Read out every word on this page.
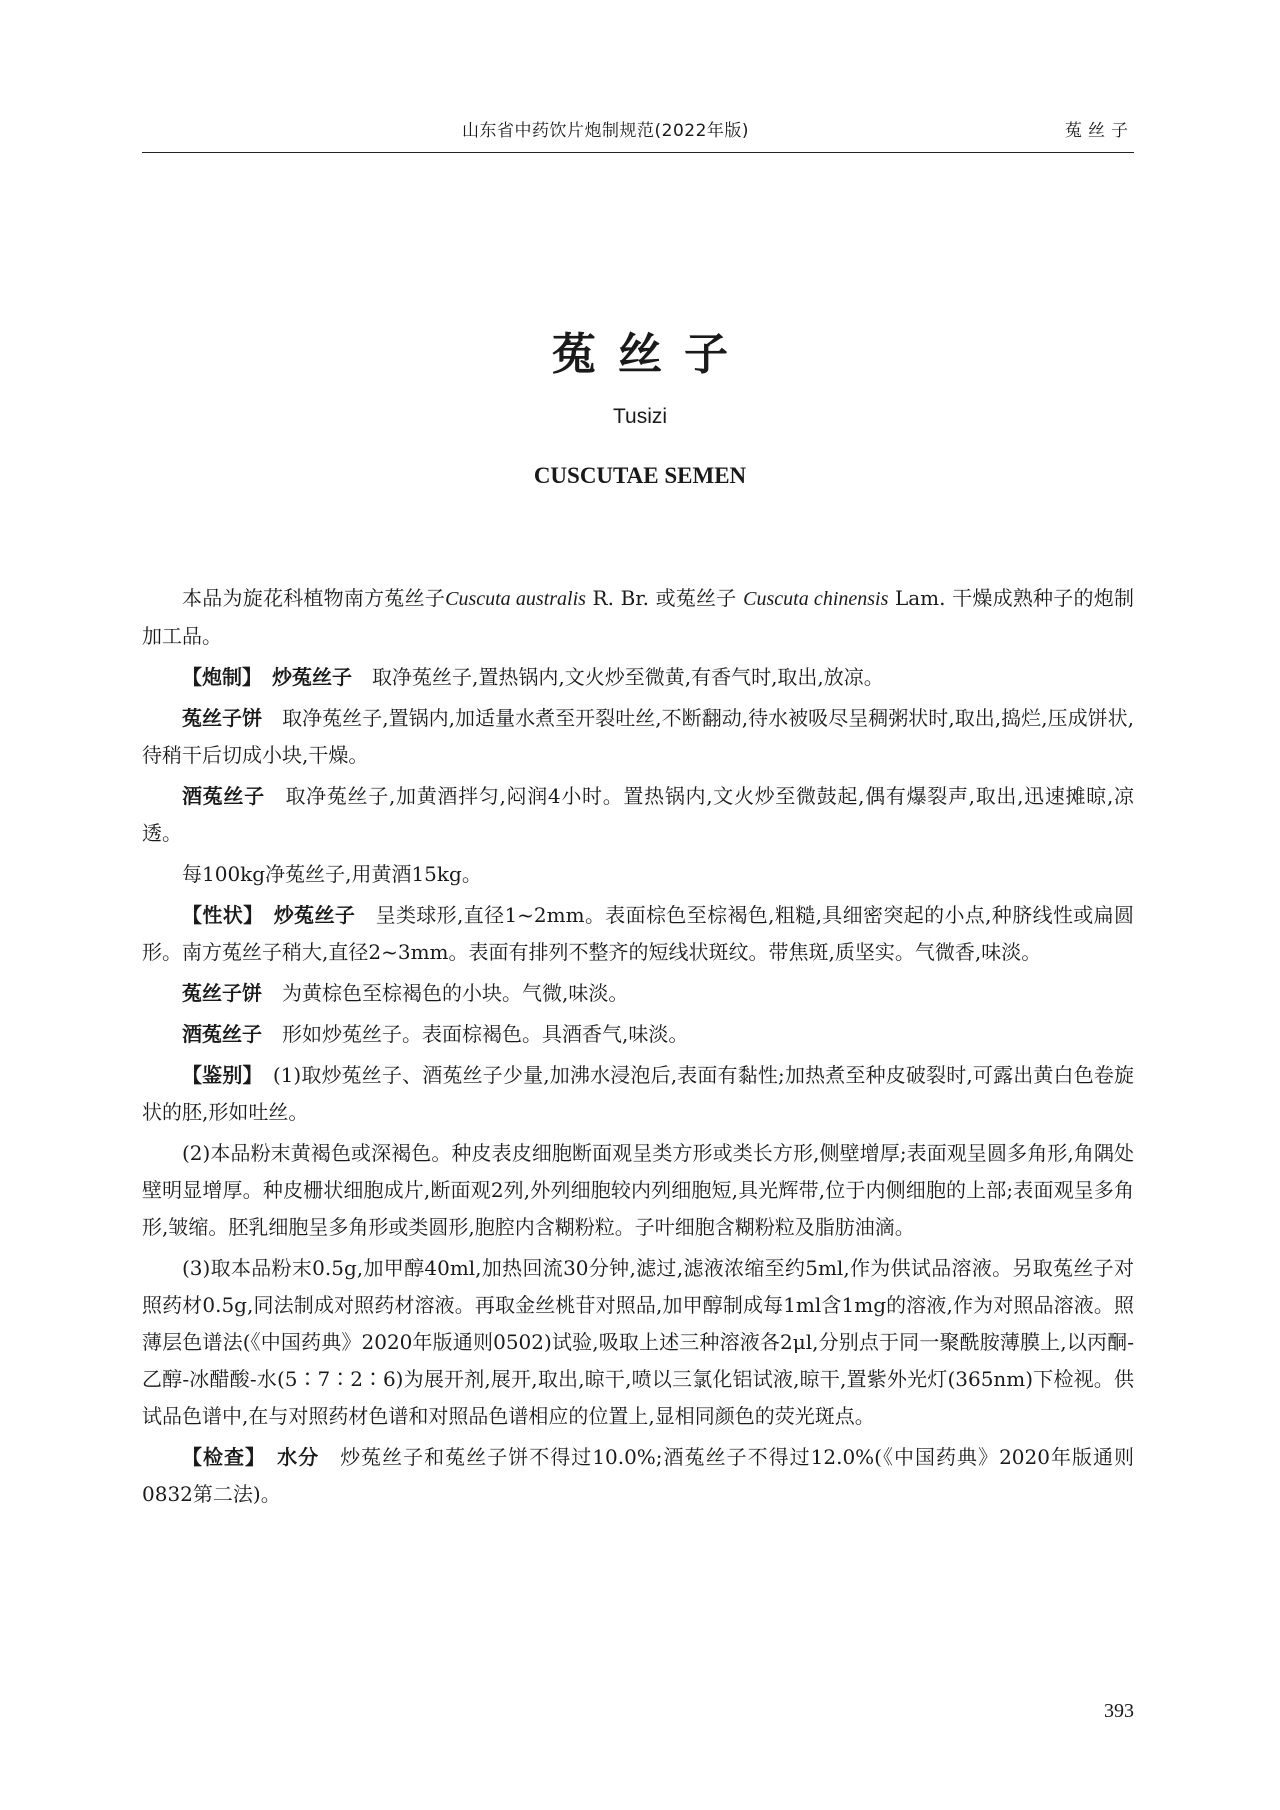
山东省中药饮片炮制规范(2022年版)	菟丝子
菟丝子
Tusizi
CUSCUTAE SEMEN

本品为旋花科植物南方菟丝子Cuscuta australis R. Br. 或菟丝子 Cuscuta chinensis Lam. 干燥成熟种子的炮制加工品。

【炮制】　 炒菟丝子　取净菟丝子,置热锅内,文火炒至微黄,有香气时,取出,放凉。

菟丝子饼　取净菟丝子,置锅内,加适量水煮至开裂吐丝,不断翻动,待水被吸尽呈稠粥状时,取出,捣烂,压成饼状,待稍干后切成小块,干燥。

酒菟丝子　取净菟丝子,加黄酒拌匀,闷润4小时。置热锅内,文火炒至微鼓起,偶有爆裂声,取出,迅速摊晾,凉透。

每100kg净菟丝子,用黄酒15kg。

【性状】　 炒菟丝子　呈类球形,直径1~2mm。表面棕色至棕褐色,粗糙,具细密突起的小点,种脐线性或扁圆形。南方菟丝子稍大,直径2~3mm。表面有排列不整齐的短线状斑纹。带焦斑,质坚实。气微香,味淡。

菟丝子饼　为黄棕色至棕褐色的小块。气微,味淡。

酒菟丝子　形如炒菟丝子。表面棕褐色。具酒香气,味淡。

【鉴别】　 (1)取炒菟丝子、酒菟丝子少量,加沸水浸泡后,表面有黏性;加热煮至种皮破裂时,可露出黄白色卷旋状的胚,形如吐丝。

(2)本品粉末黄褐色或深褐色。种皮表皮细胞断面观呈类方形或类长方形,侧壁增厚;表面观呈圆多角形,角隅处壁明显增厚。种皮栅状细胞成片,断面观2列,外列细胞较内列细胞短,具光辉带,位于内侧细胞的上部;表面观呈多角形,皱缩。胚乳细胞呈多角形或类圆形,胞腔内含糊粉粒。子叶细胞含糊粉粒及脂肪油滴。

(3)取本品粉末0.5g,加甲醇40ml,加热回流30分钟,滤过,滤液浓缩至约5ml,作为供试品溶液。另取菟丝子对照药材0.5g,同法制成对照药材溶液。再取金丝桃苷对照品,加甲醇制成每1ml含1mg的溶液,作为对照品溶液。照薄层色谱法(《中国药典》2020年版通则0502)试验,吸取上述三种溶液各2μl,分别点于同一聚酰胺薄膜上,以丙酮-乙醇-冰醋酸-水(5∶7∶2∶6)为展开剂,展开,取出,晾干,喷以三氯化铝试液,晾干,置紫外光灯(365nm)下检视。供试品色谱中,在与对照药材色谱和对照品色谱相应的位置上,显相同颜色的荧光斑点。

【检查】　 水分　炒菟丝子和菟丝子饼不得过10.0%;酒菟丝子不得过12.0%(《中国药典》2020年版通则0832第二法)。

393
